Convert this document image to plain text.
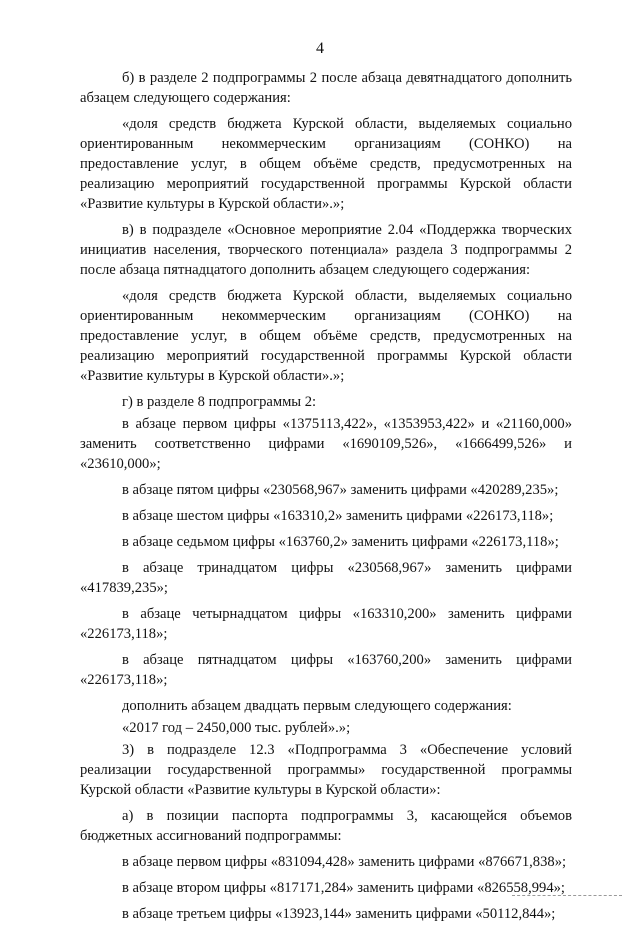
4

б) в разделе 2 подпрограммы 2 после абзаца девятнадцатого дополнить абзацем следующего содержания:

«доля средств бюджета Курской области, выделяемых социально ориентированным некоммерческим организациям (СОНКО) на предоставление услуг, в общем объёме средств, предусмотренных на реализацию мероприятий государственной программы Курской области «Развитие культуры в Курской области».»;

в) в подразделе «Основное мероприятие 2.04 «Поддержка творческих инициатив населения, творческого потенциала» раздела 3 подпрограммы 2 после абзаца пятнадцатого дополнить абзацем следующего содержания:

«доля средств бюджета Курской области, выделяемых социально ориентированным некоммерческим организациям (СОНКО) на предоставление услуг, в общем объёме средств, предусмотренных на реализацию мероприятий государственной программы Курской области «Развитие культуры в Курской области».»;

г) в разделе 8 подпрограммы 2:

в абзаце первом цифры «1375113,422», «1353953,422» и «21160,000» заменить соответственно цифрами «1690109,526», «1666499,526» и «23610,000»;

в абзаце пятом цифры «230568,967» заменить цифрами «420289,235»;

в абзаце шестом цифры «163310,2» заменить цифрами «226173,118»;

в абзаце седьмом цифры «163760,2» заменить цифрами «226173,118»;

в абзаце тринадцатом цифры «230568,967» заменить цифрами «417839,235»;

в абзаце четырнадцатом цифры «163310,200» заменить цифрами «226173,118»;

в абзаце пятнадцатом цифры «163760,200» заменить цифрами «226173,118»;

дополнить абзацем двадцать первым следующего содержания:

«2017 год – 2450,000 тыс. рублей».»;

3) в подразделе 12.3 «Подпрограмма 3 «Обеспечение условий реализации государственной программы» государственной программы Курской области «Развитие культуры в Курской области»:

а) в позиции паспорта подпрограммы 3, касающейся объемов бюджетных ассигнований подпрограммы:

в абзаце первом цифры «831094,428» заменить цифрами «876671,838»;

в абзаце втором цифры «817171,284» заменить цифрами «826558,994»;

в абзаце третьем цифры «13923,144» заменить цифрами «50112,844»;
